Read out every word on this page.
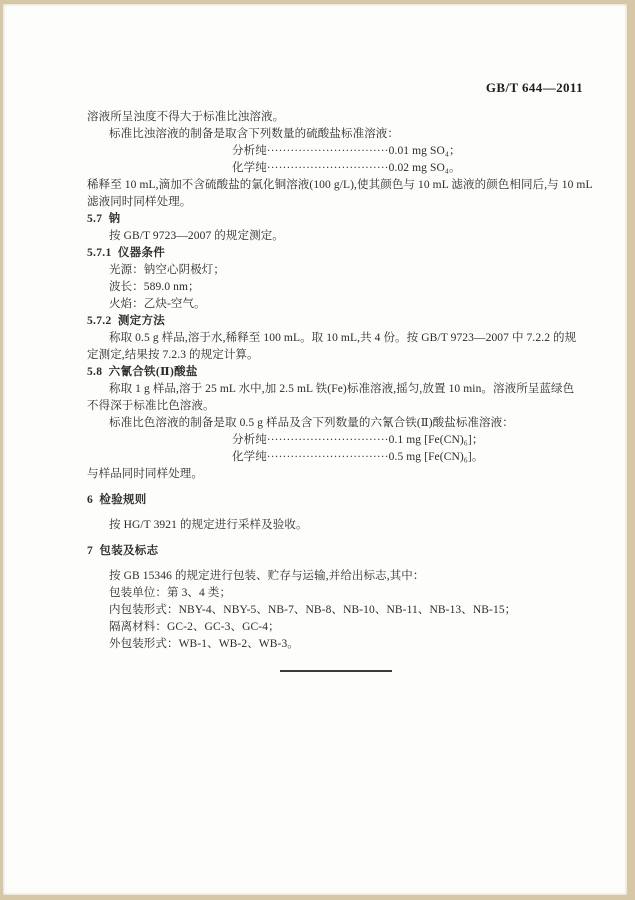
GB/T 644—2011
溶液所呈浊度不得大于标准比浊溶液。
标准比浊溶液的制备是取含下列数量的硫酸盐标准溶液：
分析纯·······························0.01 mg SO₄；
化学纯·······························0.02 mg SO₄。
稀释至 10 mL,滴加不含硫酸盐的氯化铜溶液(100 g/L),使其颜色与 10 mL 滤液的颜色相同后,与 10 mL
滤液同时同样处理。
5.7  钠
按 GB/T 9723—2007 的规定测定。
5.7.1  仪器条件
光源：钠空心阴极灯；
波长：589.0 nm；
火焰：乙炔-空气。
5.7.2  测定方法
称取 0.5 g 样品,溶于水,稀释至 100 mL。取 10 mL,共 4 份。按 GB/T 9723—2007 中 7.2.2 的规
定测定,结果按 7.2.3 的规定计算。
5.8  六氰合铁(Ⅱ)酸盐
称取 1 g 样品,溶于 25 mL 水中,加 2.5 mL 铁(Fe)标准溶液,摇匀,放置 10 min。溶液所呈蓝绿色
不得深于标准比色溶液。
标准比色溶液的制备是取 0.5 g 样品及含下列数量的六氰合铁(Ⅱ)酸盐标准溶液：
分析纯·······························0.1 mg [Fe(CN)₆]；
化学纯·······························0.5 mg [Fe(CN)₆]。
与样品同时同样处理。
6  检验规则
按 HG/T 3921 的规定进行采样及验收。
7  包装及标志
按 GB 15346 的规定进行包装、贮存与运输,并给出标志,其中：
包装单位：第 3、4 类；
内包装形式：NBY-4、NBY-5、NB-7、NB-8、NB-10、NB-11、NB-13、NB-15；
隔离材料：GC-2、GC-3、GC-4；
外包装形式：WB-1、WB-2、WB-3。
